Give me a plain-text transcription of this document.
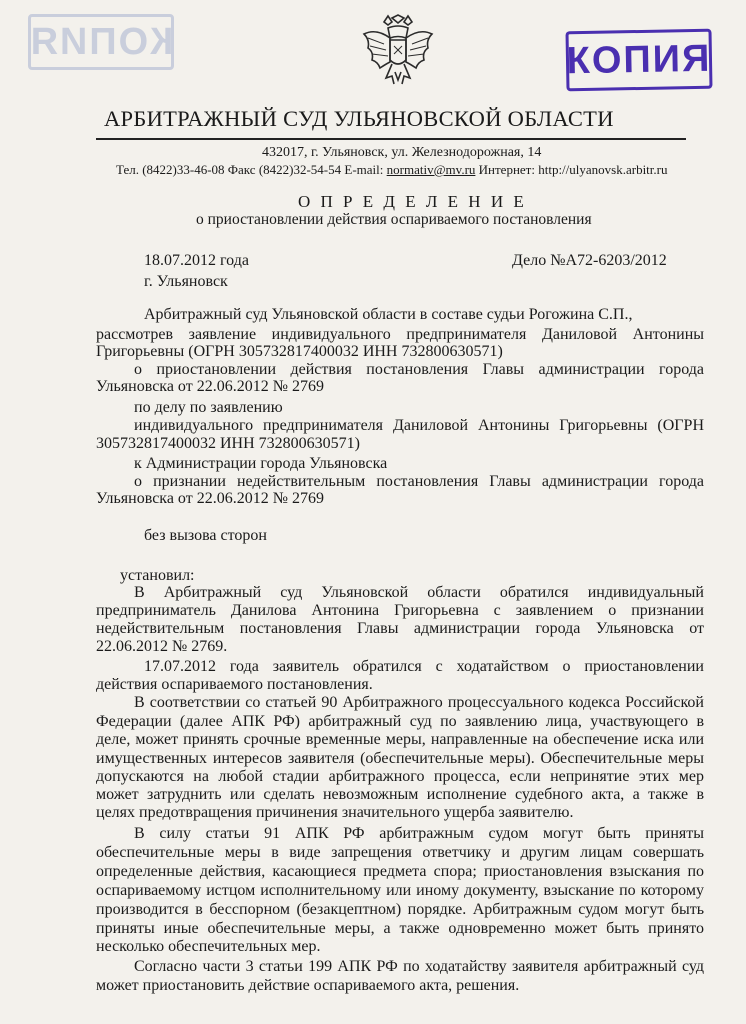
КОПИЯ	КОПИЯ
АРБИТРАЖНЫЙ СУД УЛЬЯНОВСКОЙ ОБЛАСТИ
432017, г. Ульяновск, ул. Железнодорожная, 14
Тел. (8422)33-46-08 Факс (8422)32-54-54 E-mail: normativ@mv.ru Интернет: http://ulyanovsk.arbitr.ru
О П Р Е Д Е Л Е Н И Е
о приостановлении действия оспариваемого постановления
18.07.2012 года	Дело №А72-6203/2012
г. Ульяновск
Арбитражный суд Ульяновской области в составе судьи Рогожина С.П.,
рассмотрев заявление индивидуального предпринимателя Даниловой Антонины
Григорьевны (ОГРН 305732817400032 ИНН 732800630571)
о приостановлении действия постановления Главы администрации города
Ульяновска от 22.06.2012 № 2769
по делу по заявлению
индивидуального предпринимателя Даниловой Антонины Григорьевны (ОГРН
305732817400032 ИНН 732800630571)
к Администрации города Ульяновска
о признании недействительным постановления Главы администрации города
Ульяновска от 22.06.2012 № 2769
без вызова сторон
установил:
В Арбитражный суд Ульяновской области обратился индивидуальный
предприниматель Данилова Антонина Григорьевна с заявлением о признании
недействительным постановления Главы администрации города Ульяновска от
22.06.2012 № 2769.
17.07.2012 года заявитель обратился с ходатайством о приостановлении
действия оспариваемого постановления.
В соответствии со статьей 90 Арбитражного процессуального кодекса Российской
Федерации (далее АПК РФ) арбитражный суд по заявлению лица, участвующего в
деле, может принять срочные временные меры, направленные на обеспечение иска или
имущественных интересов заявителя (обеспечительные меры). Обеспечительные меры
допускаются на любой стадии арбитражного процесса, если непринятие этих мер
может затруднить или сделать невозможным исполнение судебного акта, а также в
целях предотвращения причинения значительного ущерба заявителю.
В силу статьи 91 АПК РФ арбитражным судом могут быть приняты
обеспечительные меры в виде запрещения ответчику и другим лицам совершать
определенные действия, касающиеся предмета спора; приостановления взыскания по
оспариваемому истцом исполнительному или иному документу, взыскание по которому
производится в бесспорном (безакцептном) порядке. Арбитражным судом могут быть
приняты иные обеспечительные меры, а также одновременно может быть принято
несколько обеспечительных мер.
Согласно части 3 статьи 199 АПК РФ по ходатайству заявителя арбитражный суд
может приостановить действие оспариваемого акта, решения.
